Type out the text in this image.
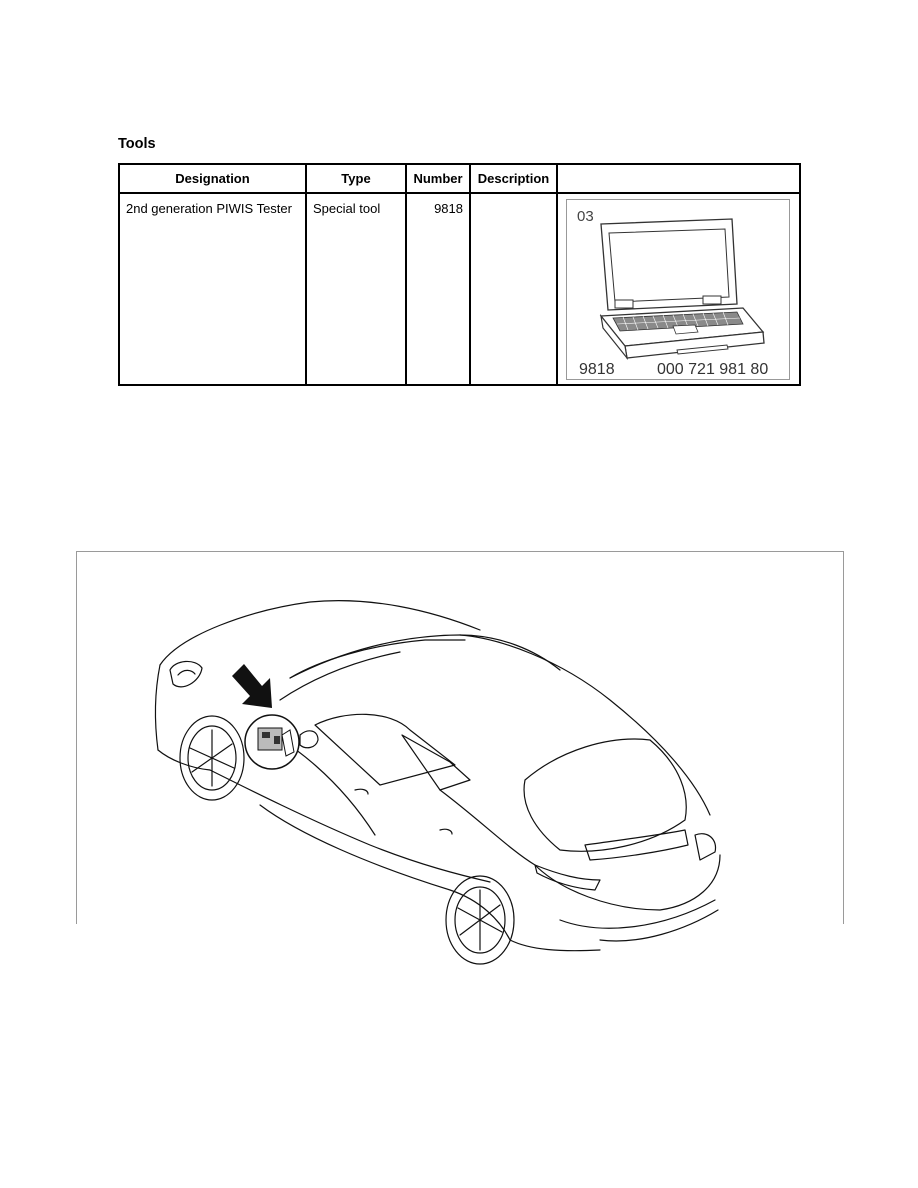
Tools
Designation	Type	Number	Description	
2nd generation PIWIS Tester	Special tool	9818		03
9818 000 721 981 80
